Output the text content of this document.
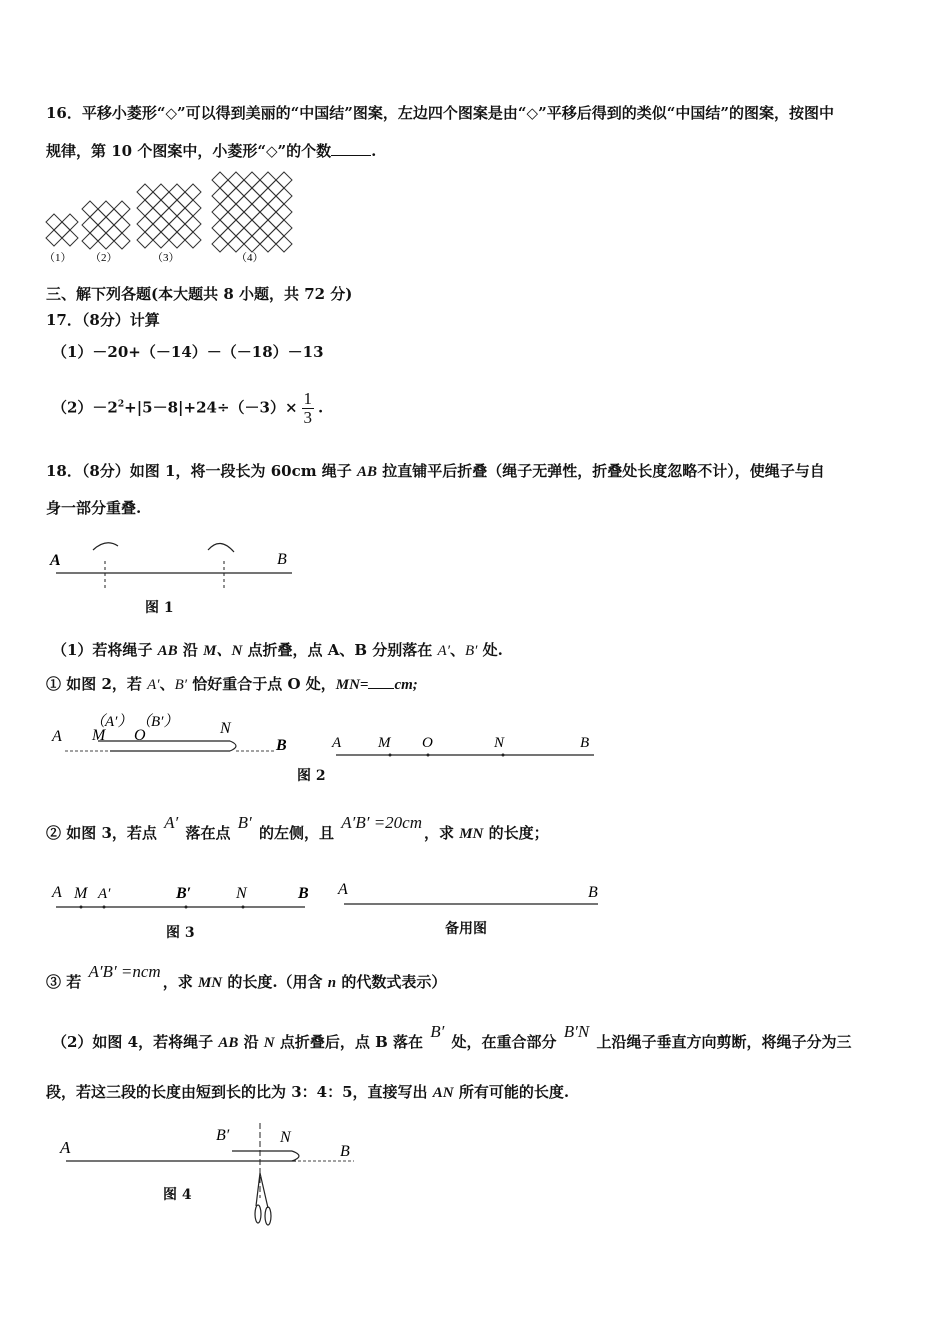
16．平移小菱形“◇”可以得到美丽的“中国结”图案，左边四个图案是由“◇”平移后得到的类似“中国结”的图案，按图中
规律，第 10 个图案中，小菱形“◇”的个数	.
（1） （2）	（3）	（4）
三、解下列各题(本大题共 8 小题，共 72 分)
17．（8分）计算
（1）－20+（－14）－（－18）－13
$(2)-2^2+|5-8|+24\div(-3)\times \frac{1}{3}$ .
18．（8分）如图 1，将一段长为 60cm 绳子 AB 拉直铺平后折叠（绳子无弹性，折叠处长度忽略不计），使绳子与自
身一部分重叠.
A	B
图 1
（1）若将绳子 AB 沿 M、N 点折叠，点 A、B 分别落在 A′、B′ 处.
① 如图 2，若 A′、B′ 恰好重合于点 O 处，MN= cm;
（A′） （B′）
A M O	N
B	A M O	N	B
图 2
② 如图 3，若点 A′ 落在点 B′ 的左侧，且 A′B′ =20cm，求 MN 的长度；
A M A′	B′	N	B
图 3
A	B
备用图
③ 若 A′B′ =ncm，求 MN 的长度.（用含 n 的代数式表示）
（2）如图 4，若将绳子 AB 沿 N 点折叠后，点 B 落在 B′ 处，在重合部分 B′N 上沿绳子垂直方向剪断，将绳子分为三
段，若这三段的长度由短到长的比为 3：4：5，直接写出 AN 所有可能的长度.
A
B′	N
B
图 4
